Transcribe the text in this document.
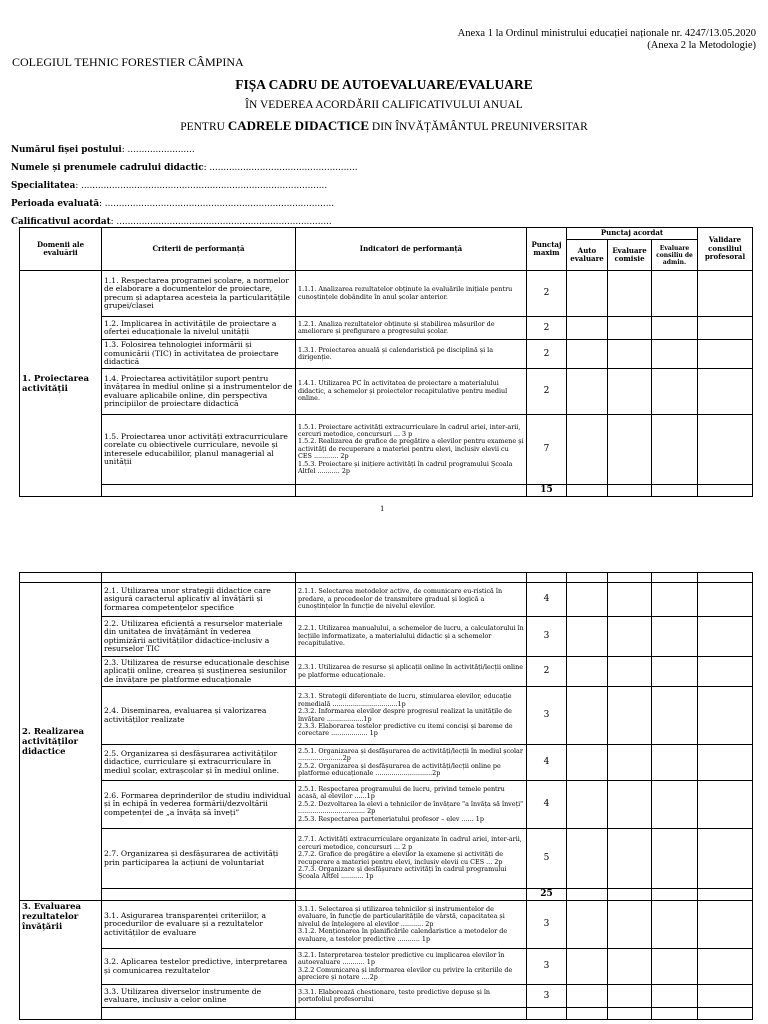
Anexa 1 la Ordinul ministrului educației naționale nr. 4247/13.05.2020
(Anexa 2 la Metodologie)
COLEGIUL TEHNIC FORESTIER CÂMPINA
FIȘA CADRU DE AUTOEVALUARE/EVALUARE
ÎN VEDEREA ACORDĂRII CALIFICATIVULUI ANUAL
PENTRU CADRELE DIDACTICE DIN ÎNVĂȚĂMÂNTUL PREUNIVERSITAR
Numărul fișei postului: ........................
Numele și prenumele cadrului didactic: .....................................................
Specialitatea: ........................................................................................
Perioada evaluată: ..................................................................................
Calificativul acordat: .............................................................................
Domenii ale evaluării	Criterii de performanță	Indicatori de performanță	Punctaj maxim	Punctaj acordat			Validare consiliul profesoral
				Auto evaluare	Evaluare comisie	Evaluare consiliu de admin.	
1. Proiectarea activității	1.1. Respectarea programei școlare, a normelor de elaborare a documentelor de proiectare, precum și adaptarea acesteia la particularitățile grupei/clasei	1.1.1. Analizarea rezultatelor obținute la evaluările inițiale pentru cunoștințele dobândite în anul școlar anterior.	2				
	1.2. Implicarea în activitățile de proiectare a ofertei educaționale la nivelul unității	1.2.1. Analiza rezultatelor obținute și stabilirea măsurilor de ameliorare și prefigurare a progresului școlar.	2				
	1.3. Folosirea tehnologiei informării și comunicării (TIC) în activitatea de proiectare didactică	1.3.1. Proiectarea anuală și calendaristică pe disciplină și la dirigenție.	2				
	1.4. Proiectarea activităților suport pentru învățarea în mediul online și a instrumentelor de evaluare aplicabile online, din perspectiva principiilor de proiectare didactică	1.4.1. Utilizarea PC în activitatea de proiectare a materialului didactic, a schemelor și proiectelor recapitulative pentru mediul online.	2				
	1.5. Proiectarea unor activități extracurriculare corelate cu obiectivele curriculare, nevoile și interesele educabililor, planul managerial al unității	1.5.1. Proiectare activități extracurriculare în cadrul ariei, inter-arii, cercuri metodice, concursuri ... 3 p
1.5.2. Realizarea de grafice de pregătire a elevilor pentru examene și activități de recuperare a materiei pentru elevi, inclusiv elevii cu CES ............ 2p
1.5.3. Proiectare și inițiere activități în cadrul programului Școala Altfel ........... 2p	7				
			15				
1

2. Realizarea activităților didactice	2.1. Utilizarea unor strategii didactice care asigură caracterul aplicativ al învățării și formarea competențelor specifice	2.1.1. Selectarea metodelor active, de comunicare eu-ristică în predare, a procedeelor de transmitere gradual și logică a cunoștințelor în funcție de nivelul elevilor.	4				
	2.2. Utilizarea eficientă a resurselor materiale din unitatea de învățământ în vederea optimizării activităților didactice-inclusiv a resurselor TIC	2.2.1. Utilizarea manualului, a schemelor de lucru, a calculatorului în lecțiile informatizate, a materialului didactic și a schemelor recapitulative.	3				
	2.3. Utilizarea de resurse educaționale deschise aplicații online, crearea și susținerea sesiunilor de învățare pe platforme educaționale	2.3.1. Utilizarea de resurse și aplicații online în activități/lecții online pe platforme educaționale.	2				
	2.4. Diseminarea, evaluarea și valorizarea activităților realizate	2.3.1. Strategii diferențiate de lucru, stimularea elevilor, educație remedială ................................1p
2.3.2. Informarea elevilor despre progresul realizat la unitățile de învățare ..................1p
2.3.3. Elaborarea testelor predictive cu itemi conciși și bareme de corectare .................. 1p	3				
	2.5. Organizarea și desfășurarea activităților didactice, curriculare și extracurriculare în mediul școlar, extrașcolar și în mediul online.	2.5.1. Organizarea și desfășurarea de activități/lecții în mediul școlar ......................2p
2.5.2. Organizarea și desfășurarea de activități/lecții online pe platforme educaționale ............................2p	4				
	2.6. Formarea deprinderilor de studiu individual și în echipă în vederea formării/dezvoltării competenței de „a învăța să înveți”	2.5.1. Respectarea programului de lucru, privind temele pentru acasă, al elevilor ......1p
2.5.2. Dezvoltarea la elevi a tehnicilor de învățare "a învăța să înveți" ................................. 2p
2.5.3. Respectarea parteneriatului profesor – elev ...... 1p	4				
	2.7. Organizarea și desfășurarea de activități prin participarea la acțiuni de voluntariat	2.7.1. Activități extracurriculare organizate în cadrul ariei, inter-arii, cercuri metodice, concursuri ... 2 p
2.7.2. Grafice de pregătire a elevilor la examene și activități de recuperare a materiei pentru elevi, inclusiv elevii cu CES ... 2p
2.7.3. Organizare și desfășurare activități în cadrul programului Școala Altfel ........... 1p	5				
			25				
3. Evaluarea rezultatelor învățării	3.1. Asigurarea transparenței criteriilor, a procedurilor de evaluare și a rezultatelor activităților de evaluare	3.1.1. Selectarea și utilizarea tehnicilor și instrumentelor de evaluare, în funcție de particularitățile de vârstă, capacitatea și nivelul de înțelegere al elevilor ........... 2p
3.1.2. Menționarea în planificările calendaristice a metodelor de evaluare, a testelor predictive ........... 1p	3				
	3.2. Aplicarea testelor predictive, interpretarea și comunicarea rezultatelor	3.2.1. Interpretarea testelor predictive cu implicarea elevilor în autoevaluare ........... 1p
3.2.2 Comunicarea și informarea elevilor cu privire la criteriile de apreciere și notare ....2p	3				
	3.3. Utilizarea diverselor instrumente de evaluare, inclusiv a celor online	3.3.1. Elaborează chestionare, teste predictive depuse și în portofoliul profesorului	3				
